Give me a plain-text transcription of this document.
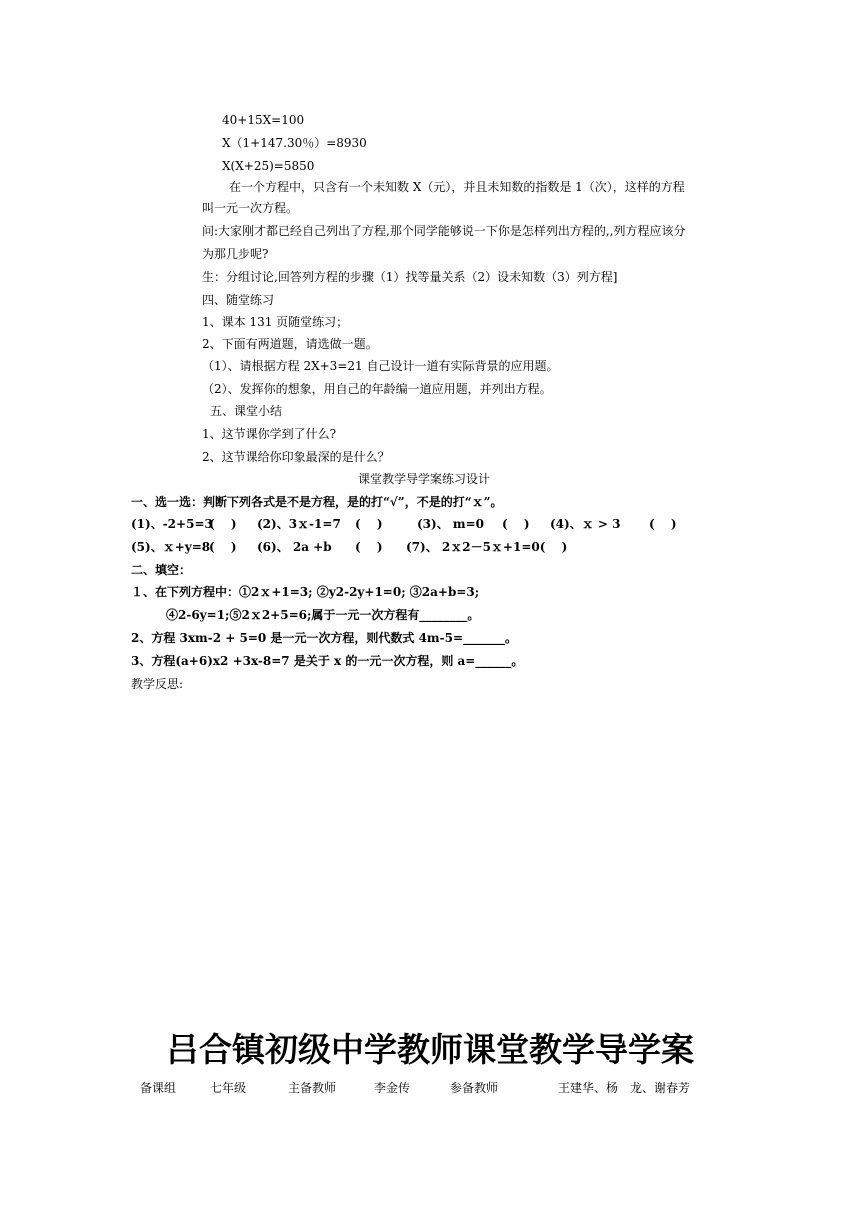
40+15X=100
X（1+147.30％）=8930
X(X+25)=5850
在一个方程中，只含有一个未知数 X（元），并且未知数的指数是 1（次），这样的方程
叫一元一次方程。
问:大家刚才都已经自己列出了方程,那个同学能够说一下你是怎样列出方程的,,列方程应该分
为那几步呢?
生：分组讨论,回答列方程的步骤（1）找等量关系（2）设未知数（3）列方程]
四、随堂练习
1、课本 131 页随堂练习；
2、下面有两道题，请选做一题。
（1）、请根据方程 2X+3=21 自己设计一道有实际背景的应用题。
（2）、发挥你的想象，用自己的年龄编一道应用题，并列出方程。
五、课堂小结
1、这节课你学到了什么?
2、这节课给你印象最深的是什么？
课堂教学导学案练习设计
一、选一选：判断下列各式是不是方程，是的打“√”，不是的打“ｘ”。
(1)、-2+5=3
(　 ) (2)、3ｘ-1=7 (　 )	(3)、 m=0 (　 ) (4)、ｘ > 3 (　 )
(5)、ｘ+y=8
(　 ) (6)、 2a +b (　 ) (7)、 2ｘ2－5ｘ+1=0(　 )
二、填空：
１、在下列方程中：①2ｘ+1=3; ②y2-2y+1=0; ③2a+b=3;
④2-6y=1;⑤2ｘ2+5=6;属于一元一次方程有________。
2、方程 3xm-2 + 5=0 是一元一次方程，则代数式 4m-5=_______。
3、方程(a+6)x2 +3x-8=7 是关于 x 的一元一次方程，则 a=______。
教学反思:
吕合镇初级中学教师课堂教学导学案
备课组	七年级	主备教师	李金传	参备教师	王建华、杨　龙、谢春芳
